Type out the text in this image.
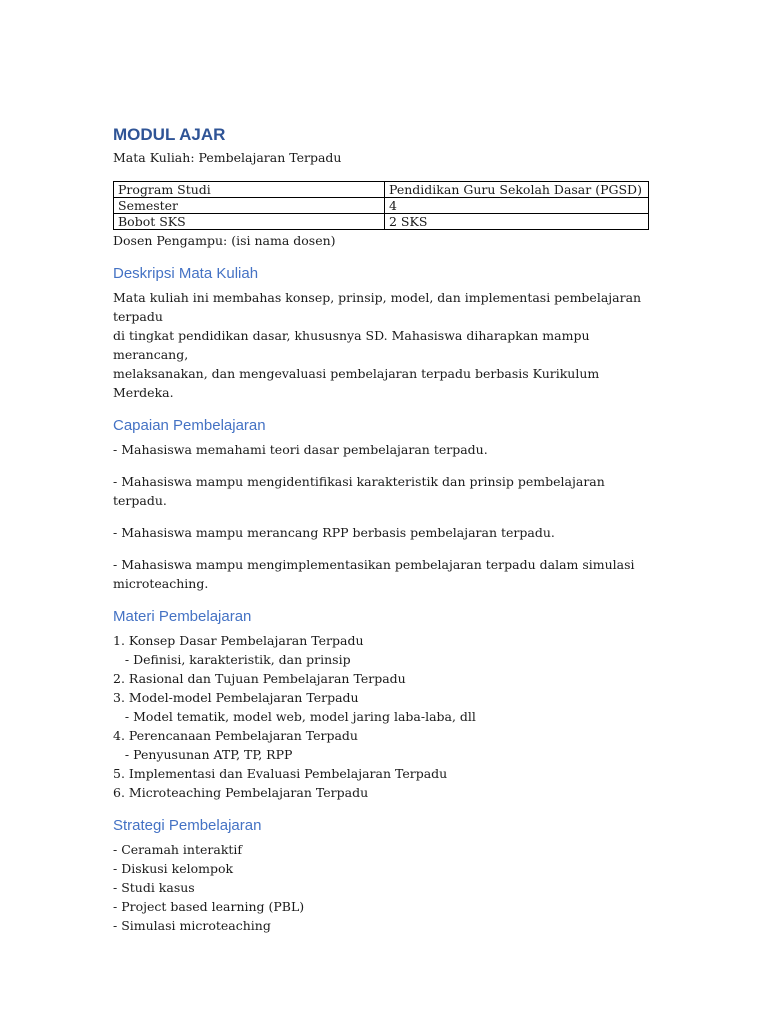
MODUL AJAR
Mata Kuliah: Pembelajaran Terpadu
Program Studi	Pendidikan Guru Sekolah Dasar (PGSD)
Semester	4
Bobot SKS	2 SKS
Dosen Pengampu: (isi nama dosen)
Deskripsi Mata Kuliah
Mata kuliah ini membahas konsep, prinsip, model, dan implementasi pembelajaran terpadu
di tingkat pendidikan dasar, khususnya SD. Mahasiswa diharapkan mampu merancang,
melaksanakan, dan mengevaluasi pembelajaran terpadu berbasis Kurikulum Merdeka.
Capaian Pembelajaran
- Mahasiswa memahami teori dasar pembelajaran terpadu.
- Mahasiswa mampu mengidentifikasi karakteristik dan prinsip pembelajaran terpadu.
- Mahasiswa mampu merancang RPP berbasis pembelajaran terpadu.
- Mahasiswa mampu mengimplementasikan pembelajaran terpadu dalam simulasi
microteaching.
Materi Pembelajaran
1. Konsep Dasar Pembelajaran Terpadu
- Definisi, karakteristik, dan prinsip
2. Rasional dan Tujuan Pembelajaran Terpadu
3. Model-model Pembelajaran Terpadu
- Model tematik, model web, model jaring laba-laba, dll
4. Perencanaan Pembelajaran Terpadu
- Penyusunan ATP, TP, RPP
5. Implementasi dan Evaluasi Pembelajaran Terpadu
6. Microteaching Pembelajaran Terpadu
Strategi Pembelajaran
- Ceramah interaktif
- Diskusi kelompok
- Studi kasus
- Project based learning (PBL)
- Simulasi microteaching
